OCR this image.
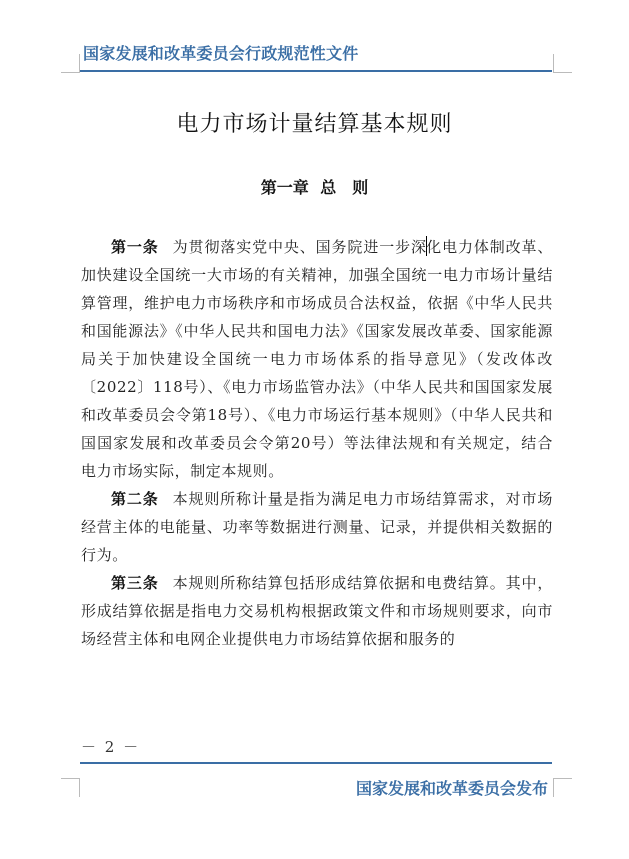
国家发展和改革委员会行政规范性文件
电力市场计量结算基本规则
第一章 总　则

第一条 为贯彻落实党中央、国务院进一步深化电力体制改革、加快建设全国统一大市场的有关精神，加强全国统一电力市场计量结算管理，维护电力市场秩序和市场成员合法权益，依据《中华人民共和国能源法》《中华人民共和国电力法》《国家发展改革委、国家能源局关于加快建设全国统一电力市场体系的指导意见》（发改体改〔2022〕118号）、《电力市场监管办法》（中华人民共和国国家发展和改革委员会令第18号）、《电力市场运行基本规则》（中华人民共和国国家发展和改革委员会令第20号）等法律法规和有关规定，结合电力市场实际，制定本规则。

第二条 本规则所称计量是指为满足电力市场结算需求，对市场经营主体的电能量、功率等数据进行测量、记录，并提供相关数据的行为。

第三条 本规则所称结算包括形成结算依据和电费结算。其中，形成结算依据是指电力交易机构根据政策文件和市场规则要求，向市场经营主体和电网企业提供电力市场结算依据和服务的

－ 2 －
国家发展和改革委员会发布
